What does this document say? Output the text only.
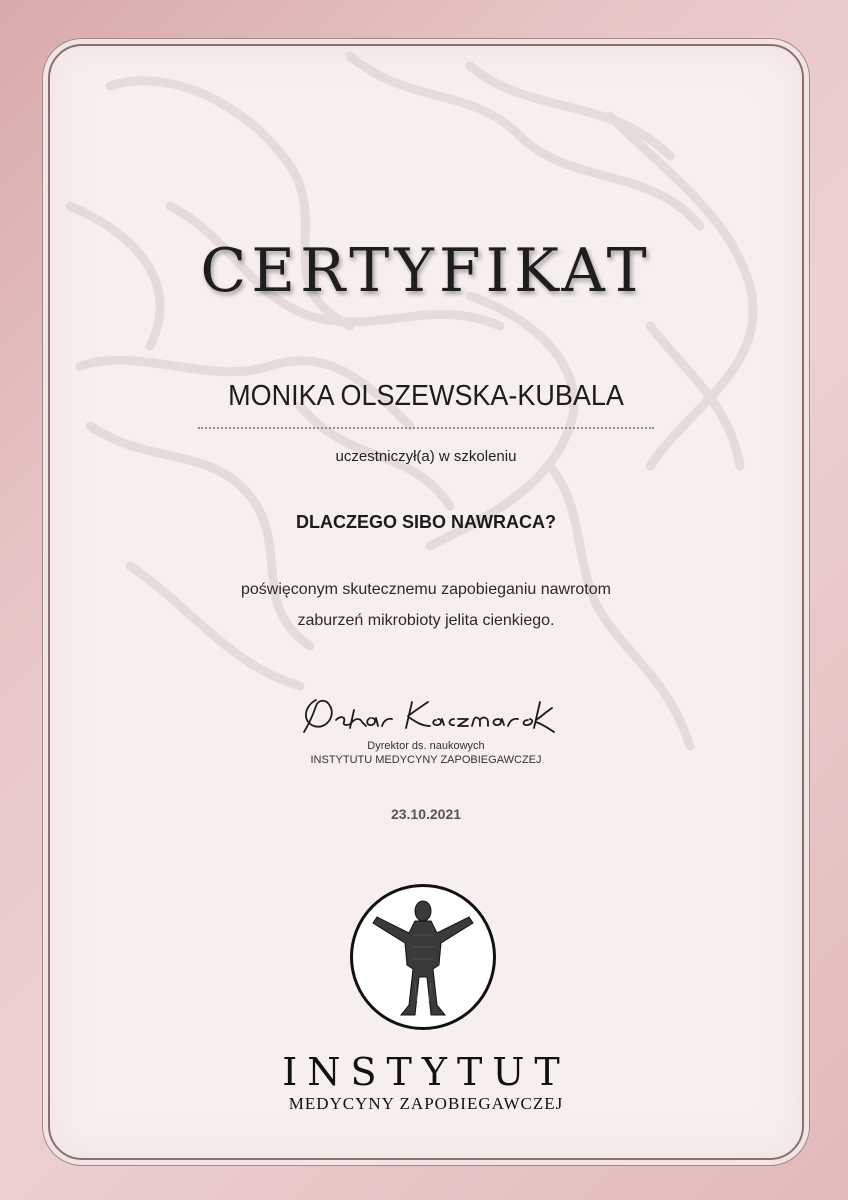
CERTYFIKAT
MONIKA OLSZEWSKA-KUBALA
uczestniczył(a) w szkoleniu
DLACZEGO SIBO NAWRACA?
poświęconym skutecznemu zapobieganiu nawrotom
zaburzeń mikrobioty jelita cienkiego.
Dyrektor ds. naukowych
INSTYTUTU MEDYCYNY ZAPOBIEGAWCZEJ
23.10.2021
INSTYTUT
MEDYCYNY ZAPOBIEGAWCZEJ
